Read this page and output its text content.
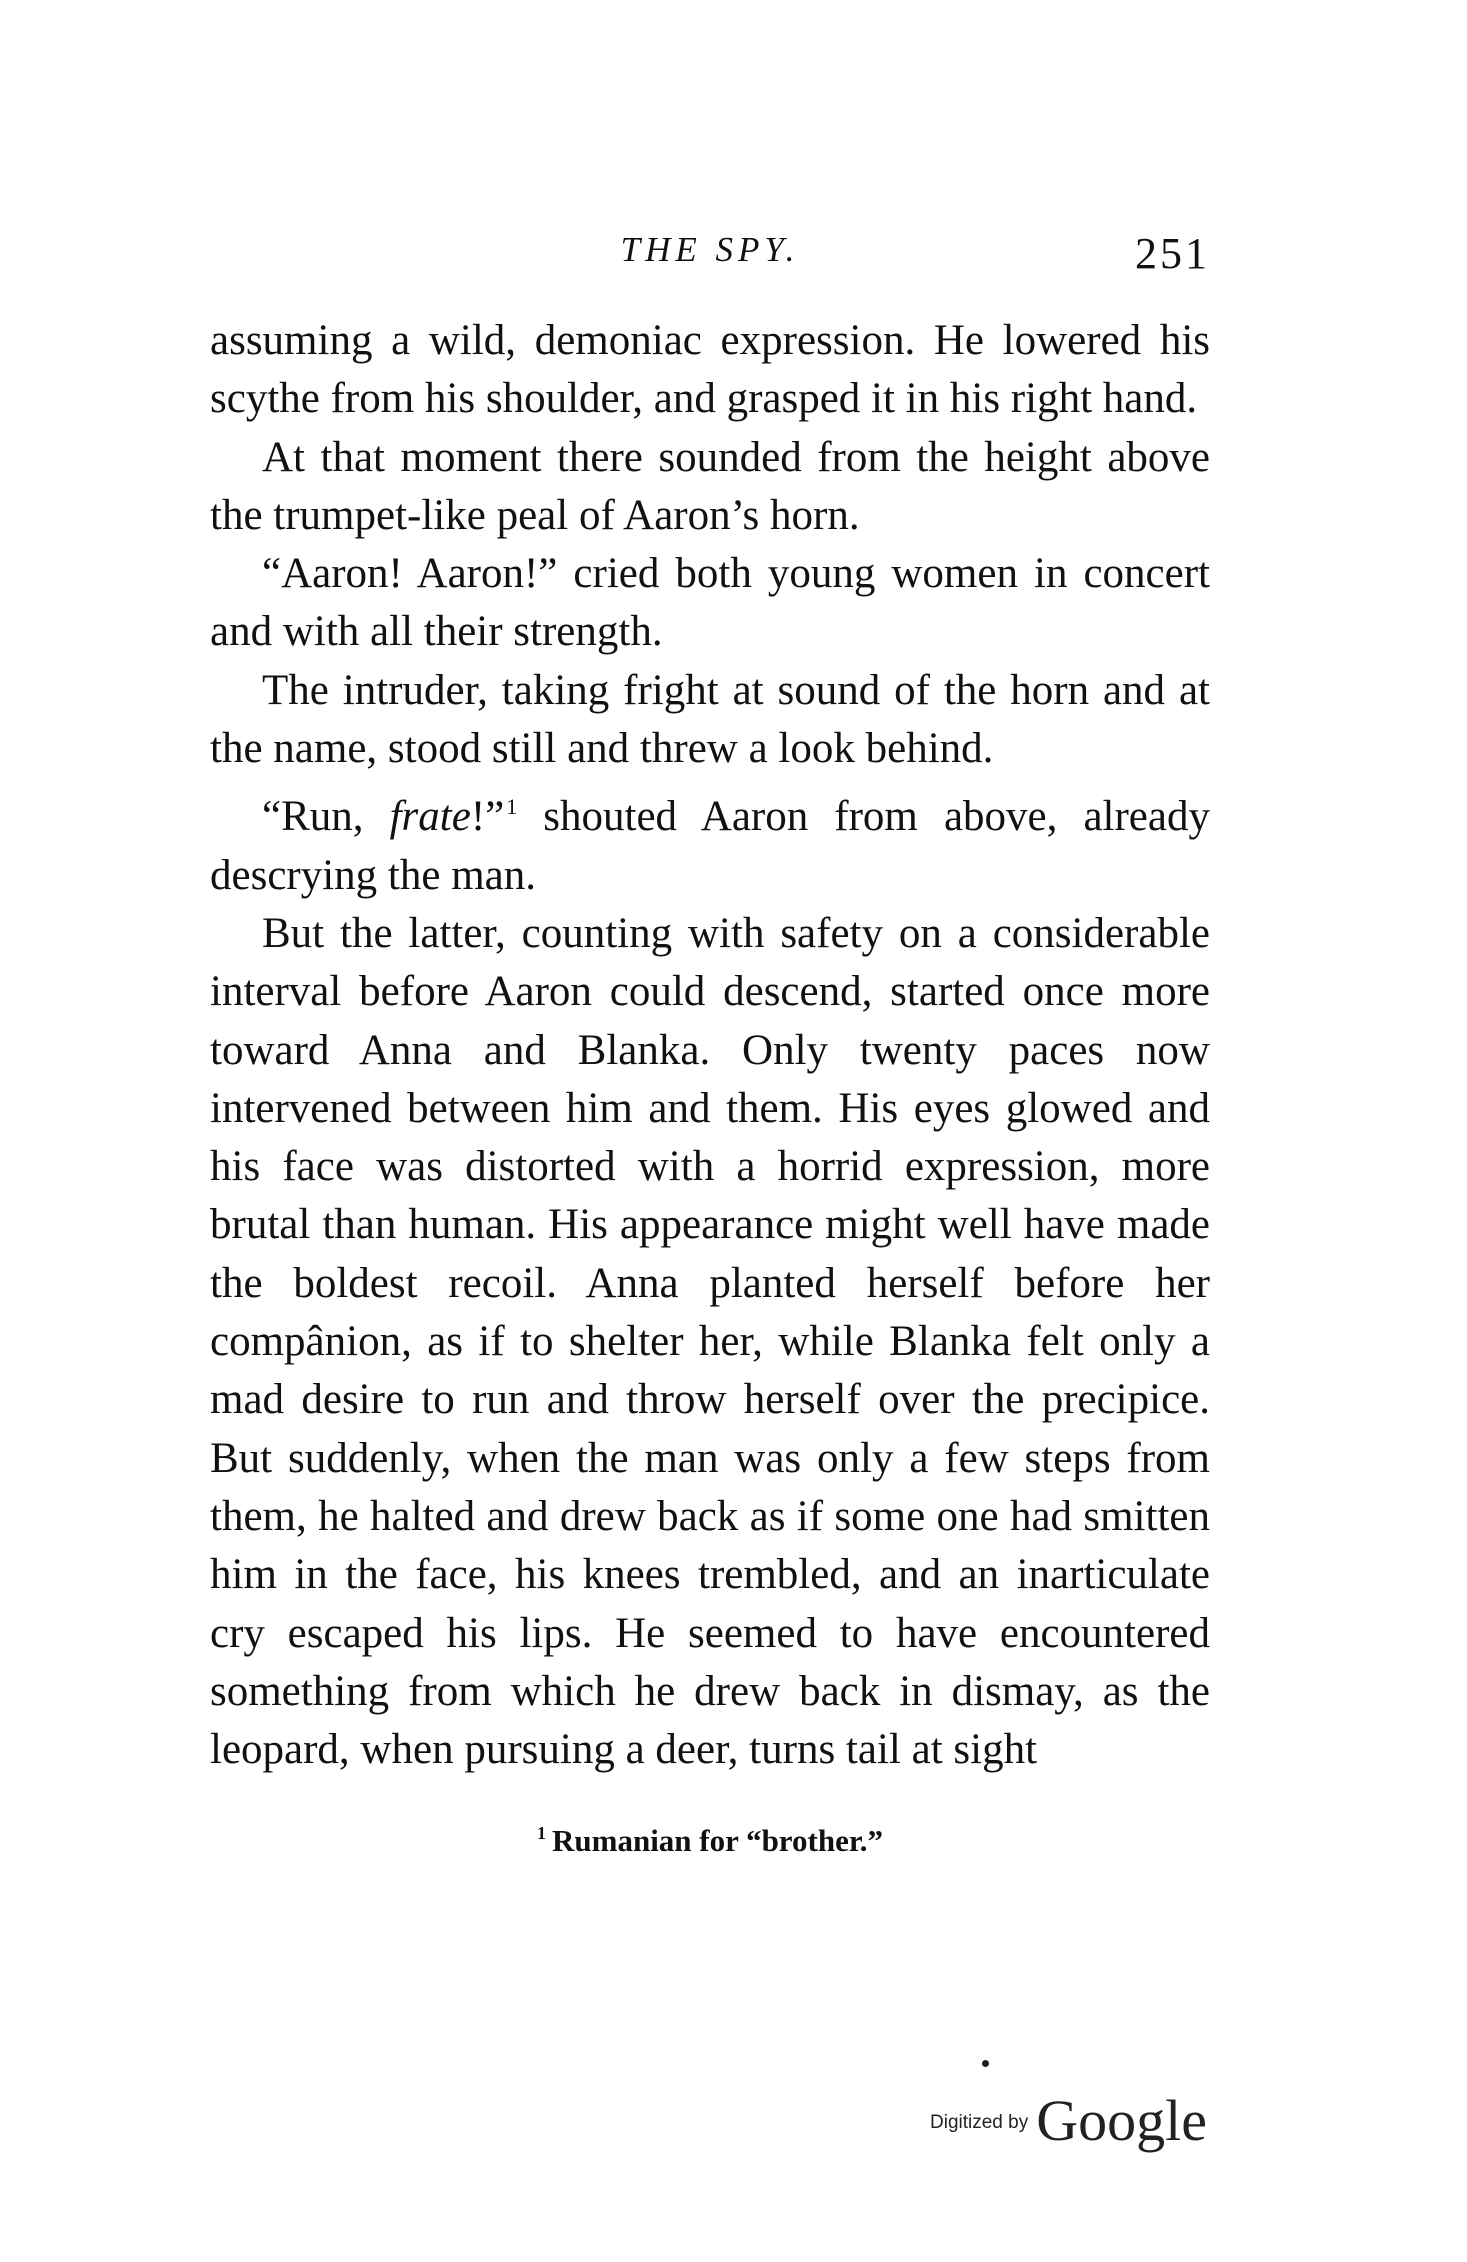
THE SPY.	251

assuming a wild, demoniac expression. He lowered his scythe from his shoulder, and grasped it in his right hand.

At that moment there sounded from the height above the trumpet-like peal of Aaron’s horn.

“Aaron! Aaron!” cried both young women in concert and with all their strength.

The intruder, taking fright at sound of the horn and at the name, stood still and threw a look behind.

“Run, frate!”$^1$ shouted Aaron from above, already descrying the man.

But the latter, counting with safety on a considerable interval before Aaron could descend, started once more toward Anna and Blanka. Only twenty paces now intervened between him and them. His eyes glowed and his face was distorted with a horrid expression, more brutal than human. His appearance might well have made the boldest recoil. Anna planted herself before her compânion, as if to shelter her, while Blanka felt only a mad desire to run and throw herself over the precipice. But suddenly, when the man was only a few steps from them, he halted and drew back as if some one had smitten him in the face, his knees trembled, and an inarticulate cry escaped his lips. He seemed to have encountered something from which he drew back in dismay, as the leopard, when pursuing a deer, turns tail at sight

$^1$ Rumanian for “brother.”
Digitized by Google
